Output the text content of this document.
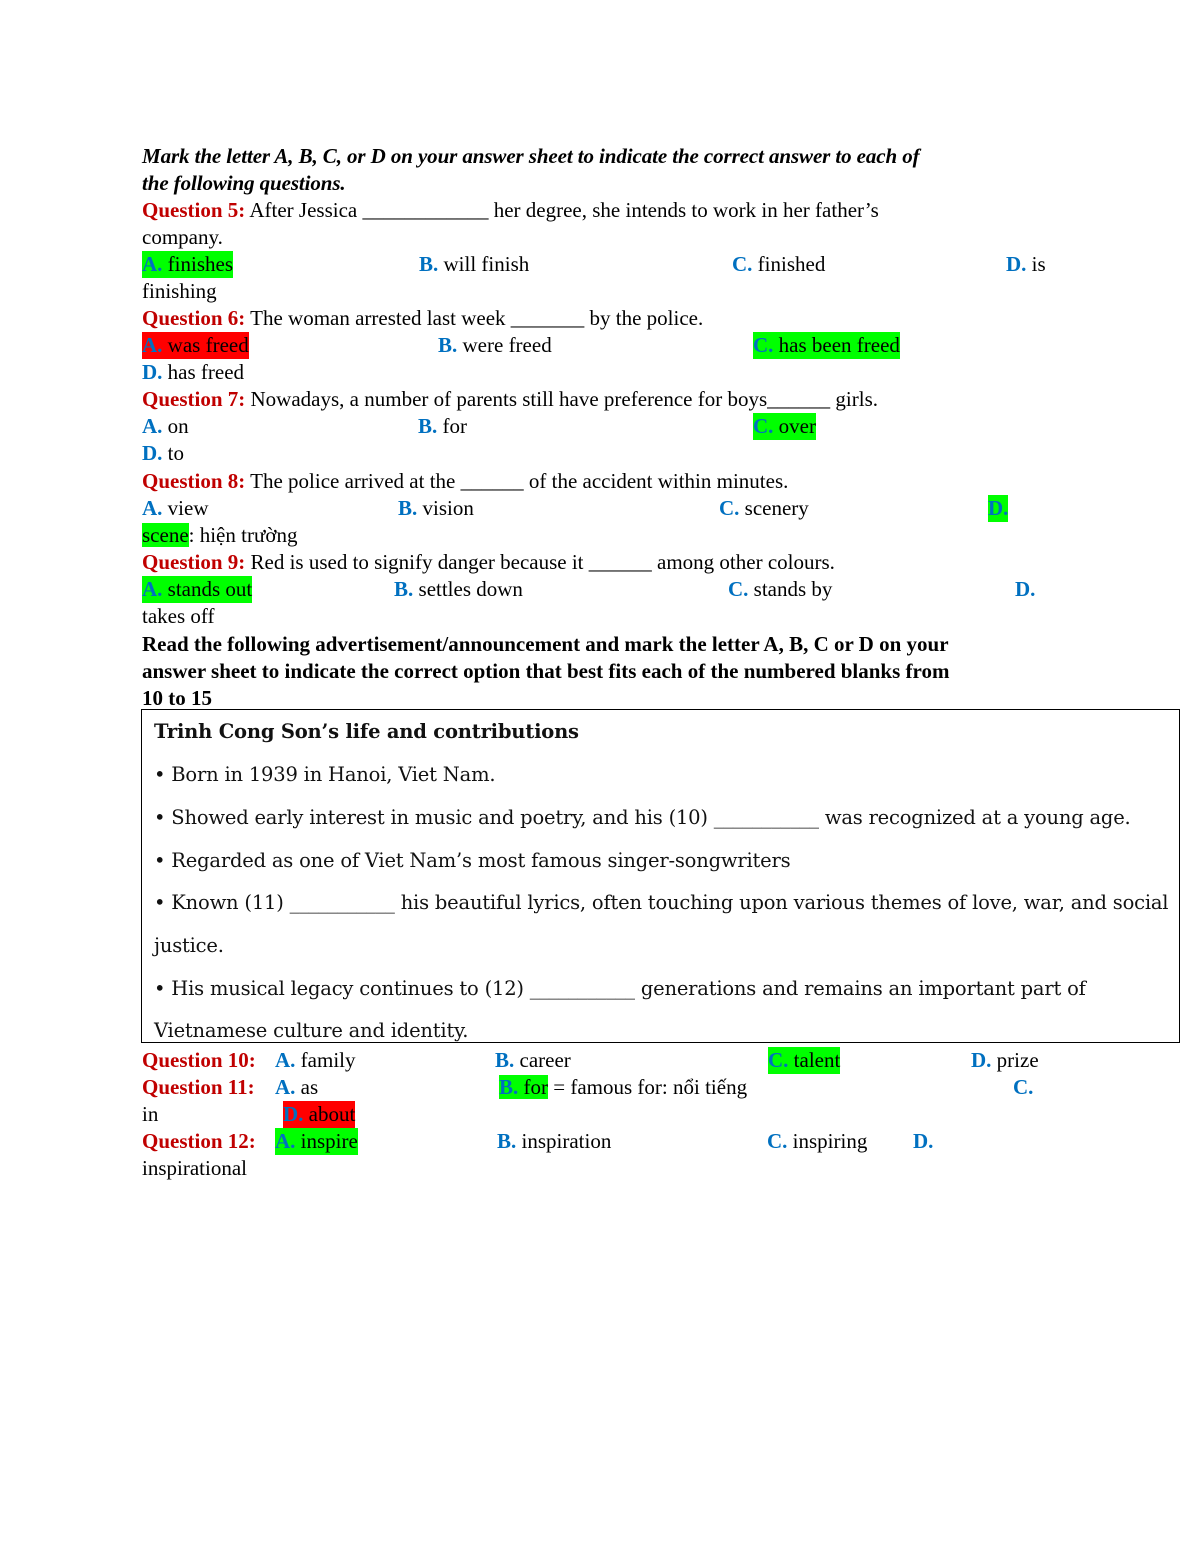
Mark the letter A, B, C, or D on your answer sheet to indicate the correct answer to each of
the following questions.
Question 5: After Jessica ____________ her degree, she intends to work in her father’s
company.
A. finishes	B. will finish	C. finished	D. is
finishing
Question 6: The woman arrested last week _______ by the police.
A. was freed	B. were freed	C. has been freed
D. has freed
Question 7: Nowadays, a number of parents still have preference for boys______ girls.
A. on	B. for	C. over
D. to
Question 8: The police arrived at the ______ of the accident within minutes.
A. view	B. vision	C. scenery	D.
scene: hiện trường
Question 9: Red is used to signify danger because it ______ among other colours.
A. stands out	B. settles down	C. stands by	D.
takes off
Read the following advertisement/announcement and mark the letter A, B, C or D on your
answer sheet to indicate the correct option that best fits each of the numbered blanks from
10 to 15
Trinh Cong Son’s life and contributions
• Born in 1939 in Hanoi, Viet Nam.
• Showed early interest in music and poetry, and his (10) ___________ was recognized at a young age.
• Regarded as one of Viet Nam’s most famous singer-songwriters
• Known (11) ___________ his beautiful lyrics, often touching upon various themes of love, war, and social
justice.
• His musical legacy continues to (12) ___________ generations and remains an important part of
Vietnamese culture and identity.
Question 10: A. family	B. career	C. talent	D. prize
Question 11: A. as	B. for = famous for: nổi tiếng	C.
in	D. about
Question 12: A. inspire	B. inspiration	C. inspiring D.
inspirational
